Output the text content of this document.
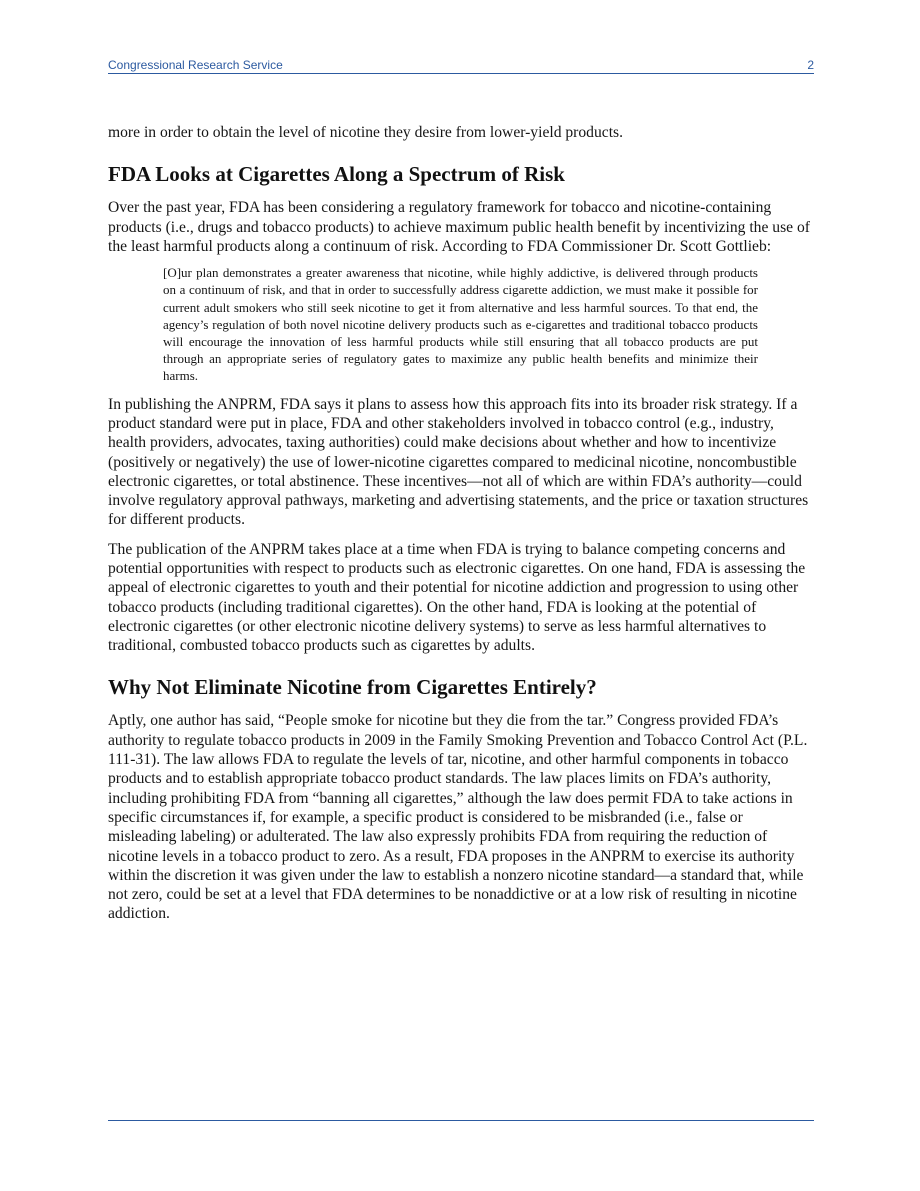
Congressional Research Service	2

more in order to obtain the level of nicotine they desire from lower-yield products.

FDA Looks at Cigarettes Along a Spectrum of Risk

Over the past year, FDA has been considering a regulatory framework for tobacco and nicotine-containing products (i.e., drugs and tobacco products) to achieve maximum public health benefit by incentivizing the use of the least harmful products along a continuum of risk. According to FDA Commissioner Dr. Scott Gottlieb:

[O]ur plan demonstrates a greater awareness that nicotine, while highly addictive, is delivered through products on a continuum of risk, and that in order to successfully address cigarette addiction, we must make it possible for current adult smokers who still seek nicotine to get it from alternative and less harmful sources. To that end, the agency’s regulation of both novel nicotine delivery products such as e-cigarettes and traditional tobacco products will encourage the innovation of less harmful products while still ensuring that all tobacco products are put through an appropriate series of regulatory gates to maximize any public health benefits and minimize their harms.

In publishing the ANPRM, FDA says it plans to assess how this approach fits into its broader risk strategy. If a product standard were put in place, FDA and other stakeholders involved in tobacco control (e.g., industry, health providers, advocates, taxing authorities) could make decisions about whether and how to incentivize (positively or negatively) the use of lower-nicotine cigarettes compared to medicinal nicotine, noncombustible electronic cigarettes, or total abstinence. These incentives—not all of which are within FDA’s authority—could involve regulatory approval pathways, marketing and advertising statements, and the price or taxation structures for different products.

The publication of the ANPRM takes place at a time when FDA is trying to balance competing concerns and potential opportunities with respect to products such as electronic cigarettes. On one hand, FDA is assessing the appeal of electronic cigarettes to youth and their potential for nicotine addiction and progression to using other tobacco products (including traditional cigarettes). On the other hand, FDA is looking at the potential of electronic cigarettes (or other electronic nicotine delivery systems) to serve as less harmful alternatives to traditional, combusted tobacco products such as cigarettes by adults.

Why Not Eliminate Nicotine from Cigarettes Entirely?

Aptly, one author has said, “People smoke for nicotine but they die from the tar.” Congress provided FDA’s authority to regulate tobacco products in 2009 in the Family Smoking Prevention and Tobacco Control Act (P.L. 111-31). The law allows FDA to regulate the levels of tar, nicotine, and other harmful components in tobacco products and to establish appropriate tobacco product standards. The law places limits on FDA’s authority, including prohibiting FDA from “banning all cigarettes,” although the law does permit FDA to take actions in specific circumstances if, for example, a specific product is considered to be misbranded (i.e., false or misleading labeling) or adulterated. The law also expressly prohibits FDA from requiring the reduction of nicotine levels in a tobacco product to zero. As a result, FDA proposes in the ANPRM to exercise its authority within the discretion it was given under the law to establish a nonzero nicotine standard—a standard that, while not zero, could be set at a level that FDA determines to be nonaddictive or at a low risk of resulting in nicotine addiction.
